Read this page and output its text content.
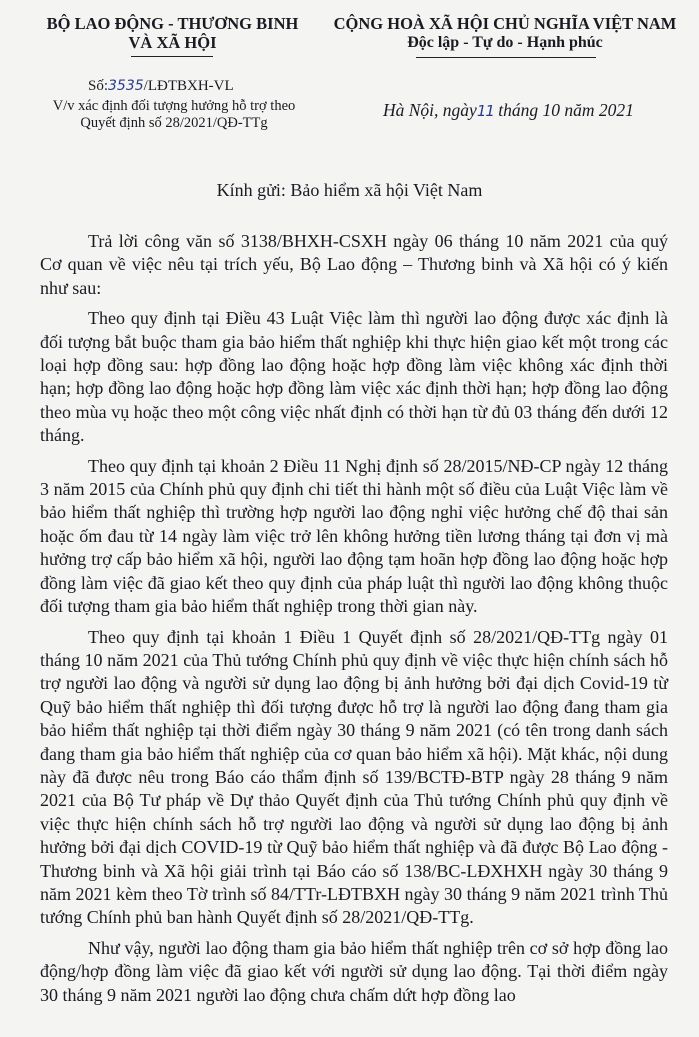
BỘ LAO ĐỘNG - THƯƠNG BINH
VÀ XÃ HỘI
CỘNG HOÀ XÃ HỘI CHỦ NGHĨA VIỆT NAM
Độc lập - Tự do - Hạnh phúc
Số:3535/LĐTBXH-VL
V/v xác định đối tượng hưởng hỗ trợ theo
Quyết định số 28/2021/QĐ-TTg
Hà Nội, ngày11 tháng 10 năm 2021
Kính gửi: Bảo hiểm xã hội Việt Nam

Trả lời công văn số 3138/BHXH-CSXH ngày 06 tháng 10 năm 2021 của quý Cơ quan về việc nêu tại trích yếu, Bộ Lao động – Thương binh và Xã hội có ý kiến như sau:

Theo quy định tại Điều 43 Luật Việc làm thì người lao động được xác định là đối tượng bắt buộc tham gia bảo hiểm thất nghiệp khi thực hiện giao kết một trong các loại hợp đồng sau: hợp đồng lao động hoặc hợp đồng làm việc không xác định thời hạn; hợp đồng lao động hoặc hợp đồng làm việc xác định thời hạn; hợp đồng lao động theo mùa vụ hoặc theo một công việc nhất định có thời hạn từ đủ 03 tháng đến dưới 12 tháng.

Theo quy định tại khoản 2 Điều 11 Nghị định số 28/2015/NĐ-CP ngày 12 tháng 3 năm 2015 của Chính phủ quy định chi tiết thi hành một số điều của Luật Việc làm về bảo hiểm thất nghiệp thì trường hợp người lao động nghỉ việc hưởng chế độ thai sản hoặc ốm đau từ 14 ngày làm việc trở lên không hưởng tiền lương tháng tại đơn vị mà hưởng trợ cấp bảo hiểm xã hội, người lao động tạm hoãn hợp đồng lao động hoặc hợp đồng làm việc đã giao kết theo quy định của pháp luật thì người lao động không thuộc đối tượng tham gia bảo hiểm thất nghiệp trong thời gian này.

Theo quy định tại khoản 1 Điều 1 Quyết định số 28/2021/QĐ-TTg ngày 01 tháng 10 năm 2021 của Thủ tướng Chính phủ quy định về việc thực hiện chính sách hỗ trợ người lao động và người sử dụng lao động bị ảnh hưởng bởi đại dịch Covid-19 từ Quỹ bảo hiểm thất nghiệp thì đối tượng được hỗ trợ là người lao động đang tham gia bảo hiểm thất nghiệp tại thời điểm ngày 30 tháng 9 năm 2021 (có tên trong danh sách đang tham gia bảo hiểm thất nghiệp của cơ quan bảo hiểm xã hội). Mặt khác, nội dung này đã được nêu trong Báo cáo thẩm định số 139/BCTĐ-BTP ngày 28 tháng 9 năm 2021 của Bộ Tư pháp về Dự thảo Quyết định của Thủ tướng Chính phủ quy định về việc thực hiện chính sách hỗ trợ người lao động và người sử dụng lao động bị ảnh hưởng bởi đại dịch COVID-19 từ Quỹ bảo hiểm thất nghiệp và đã được Bộ Lao động - Thương binh và Xã hội giải trình tại Báo cáo số 138/BC-LĐXHXH ngày 30 tháng 9 năm 2021 kèm theo Tờ trình số 84/TTr-LĐTBXH ngày 30 tháng 9 năm 2021 trình Thủ tướng Chính phủ ban hành Quyết định số 28/2021/QĐ-TTg.

Như vậy, người lao động tham gia bảo hiểm thất nghiệp trên cơ sở hợp đồng lao động/hợp đồng làm việc đã giao kết với người sử dụng lao động. Tại thời điểm ngày 30 tháng 9 năm 2021 người lao động chưa chấm dứt hợp đồng lao
